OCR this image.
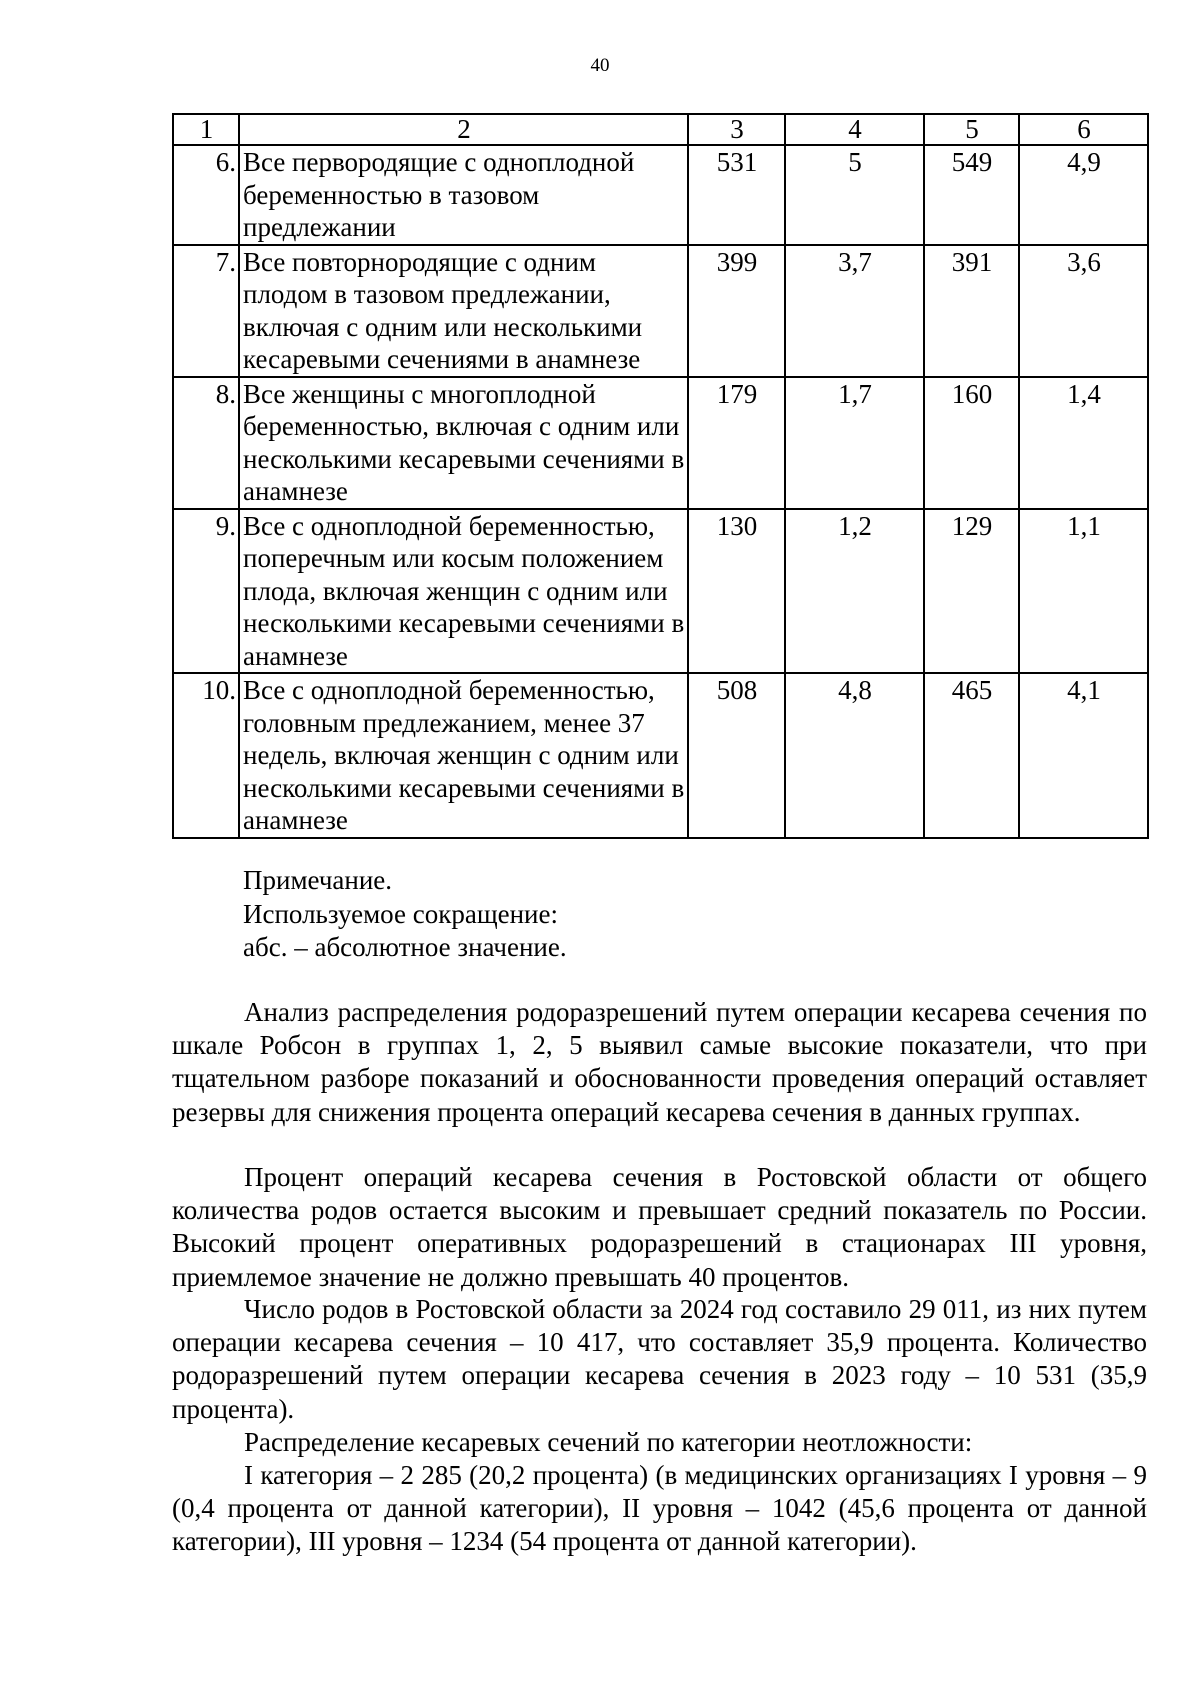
40
1	2	3	4	5	6
6.	Все первородящие с одноплодной беременностью в тазовом предлежании	531	5	549	4,9
7.	Все повторнородящие с одним плодом в тазовом предлежании, включая с одним или несколькими кесаревыми сечениями в анамнезе	399	3,7	391	3,6
8.	Все женщины с многоплодной беременностью, включая с одним или несколькими кесаревыми сечениями в анамнезе	179	1,7	160	1,4
9.	Все с одноплодной беременностью, поперечным или косым положением плода, включая женщин с одним или несколькими кесаревыми сечениями в анамнезе	130	1,2	129	1,1
10.	Все с одноплодной беременностью, головным предлежанием, менее 37 недель, включая женщин с одним или несколькими кесаревыми сечениями в анамнезе	508	4,8	465	4,1
Примечание.
Используемое сокращение:
абс. – абсолютное значение.

Анализ распределения родоразрешений путем операции кесарева сечения по шкале Робсон в группах 1, 2, 5 выявил самые высокие показатели, что при тщательном разборе показаний и обоснованности проведения операций оставляет резервы для снижения процента операций кесарева сечения в данных группах.

Процент операций кесарева сечения в Ростовской области от общего количества родов остается высоким и превышает средний показатель по России. Высокий процент оперативных родоразрешений в стационарах III уровня, приемлемое значение не должно превышать 40 процентов.

Число родов в Ростовской области за 2024 год составило 29 011, из них путем операции кесарева сечения – 10 417, что составляет 35,9 процента. Количество родоразрешений путем операции кесарева сечения в 2023 году – 10 531 (35,9 процента).

Распределение кесаревых сечений по категории неотложности:

I категория – 2 285 (20,2 процента) (в медицинских организациях I уровня – 9 (0,4 процента от данной категории), II уровня – 1042 (45,6 процента от данной категории), III уровня – 1234 (54 процента от данной категории).
